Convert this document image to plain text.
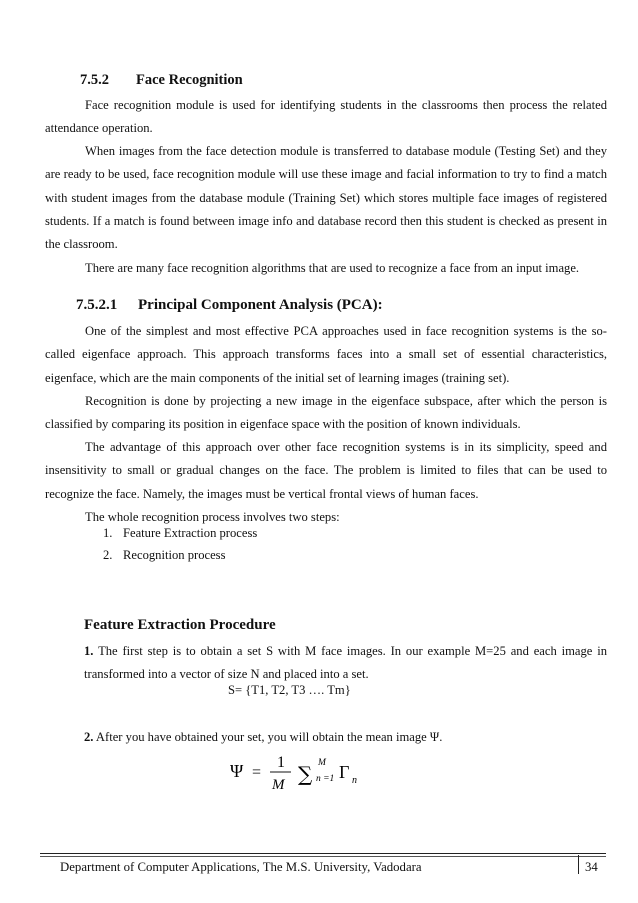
7.5.2 Face Recognition

Face recognition module is used for identifying students in the classrooms then process the related attendance operation.

When images from the face detection module is transferred to database module (Testing Set) and they are ready to be used, face recognition module will use these image and facial information to try to find a match with student images from the database module (Training Set) which stores multiple face images of registered students. If a match is found between image info and database record then this student is checked as present in the classroom.

There are many face recognition algorithms that are used to recognize a face from an input image.

7.5.2.1 Principal Component Analysis (PCA):

One of the simplest and most effective PCA approaches used in face recognition systems is the so-called eigenface approach. This approach transforms faces into a small set of essential characteristics, eigenface, which are the main components of the initial set of learning images (training set).

Recognition is done by projecting a new image in the eigenface subspace, after which the person is classified by comparing its position in eigenface space with the position of known individuals.

The advantage of this approach over other face recognition systems is in its simplicity, speed and insensitivity to small or gradual changes on the face. The problem is limited to files that can be used to recognize the face. Namely, the images must be vertical frontal views of human faces.

The whole recognition process involves two steps:

1. Feature Extraction process
2. Recognition process
Feature Extraction Procedure

1. The first step is to obtain a set S with M face images. In our example M=25 and each image in transformed into a vector of size N and placed into a set.

S= {T1, T2, T3 …. Tm}

2. After you have obtained your set, you will obtain the mean image Ψ.

Ψ =
1
M ∑ M
n =1 Γ n
Department of Computer Applications, The M.S. University, Vadodara	34
